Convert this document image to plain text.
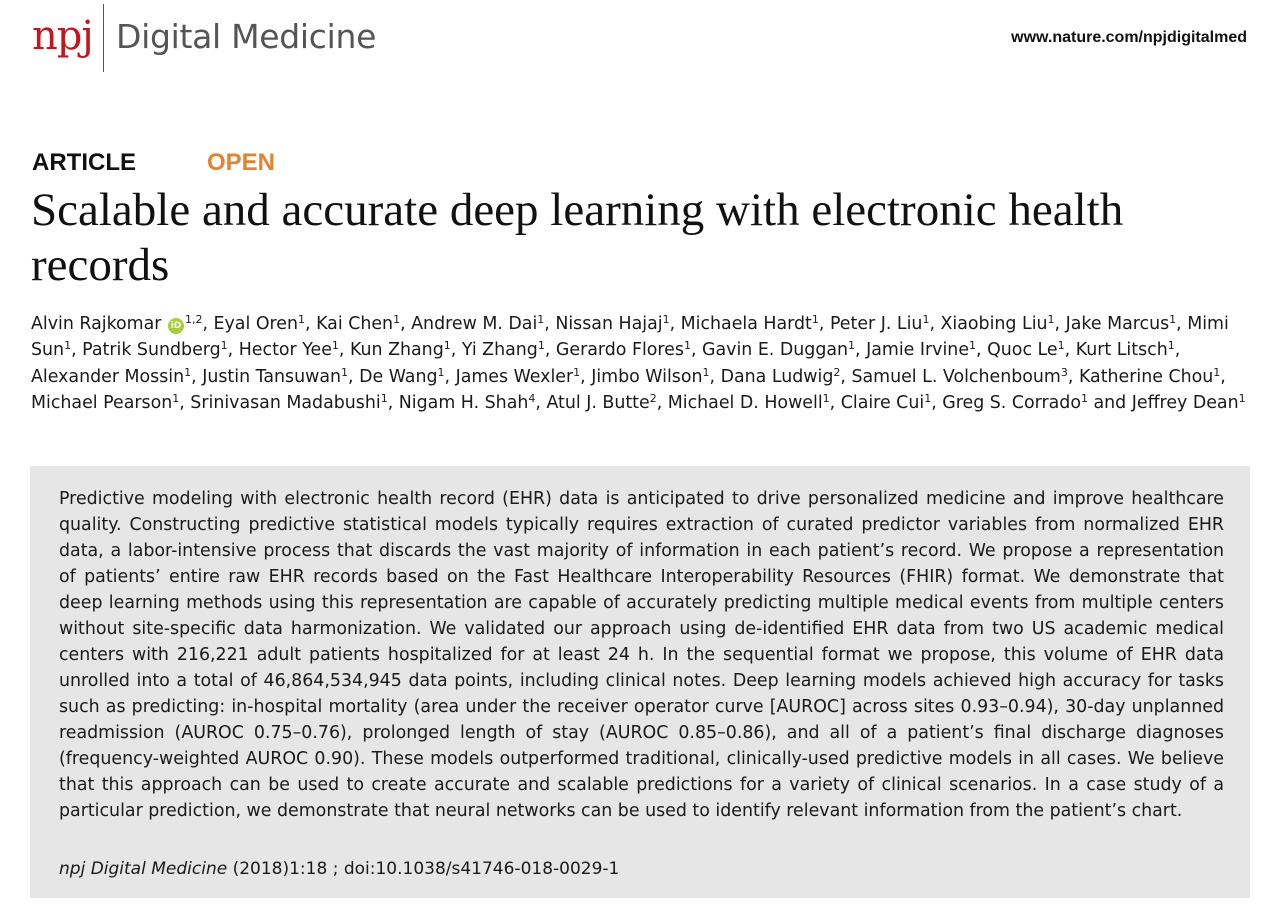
npj Digital Medicine	www.nature.com/npjdigitalmed
ARTICLE	OPEN
Scalable and accurate deep learning with electronic health records

Alvin Rajkomar iD $^{1,2}$, Eyal Oren$^1$, Kai Chen$^1$, Andrew M. Dai$^1$, Nissan Hajaj$^1$, Michaela Hardt$^1$, Peter J. Liu$^1$, Xiaobing Liu$^1$, Jake Marcus$^1$, Mimi Sun$^1$, Patrik Sundberg$^1$, Hector Yee$^1$, Kun Zhang$^1$, Yi Zhang$^1$, Gerardo Flores$^1$, Gavin E. Duggan$^1$, Jamie Irvine$^1$, Quoc Le$^1$, Kurt Litsch$^1$, Alexander Mossin$^1$, Justin Tansuwan$^1$, De Wang$^1$, James Wexler$^1$, Jimbo Wilson$^1$, Dana Ludwig$^2$, Samuel L. Volchenboum$^3$, Katherine Chou$^1$, Michael Pearson$^1$, Srinivasan Madabushi$^1$, Nigam H. Shah$^4$, Atul J. Butte$^2$, Michael D. Howell$^1$, Claire Cui$^1$, Greg S. Corrado$^1$ and Jeffrey Dean$^1$

Predictive modeling with electronic health record (EHR) data is anticipated to drive personalized medicine and improve healthcare quality. Constructing predictive statistical models typically requires extraction of curated predictor variables from normalized EHR data, a labor-intensive process that discards the vast majority of information in each patient’s record. We propose a representation of patients’ entire raw EHR records based on the Fast Healthcare Interoperability Resources (FHIR) format. We demonstrate that deep learning methods using this representation are capable of accurately predicting multiple medical events from multiple centers without site-specific data harmonization. We validated our approach using de-identified EHR data from two US academic medical centers with 216,221 adult patients hospitalized for at least 24 h. In the sequential format we propose, this volume of EHR data unrolled into a total of 46,864,534,945 data points, including clinical notes. Deep learning models achieved high accuracy for tasks such as predicting: in-hospital mortality (area under the receiver operator curve [AUROC] across sites 0.93–0.94), 30-day unplanned readmission (AUROC 0.75–0.76), prolonged length of stay (AUROC 0.85–0.86), and all of a patient’s final discharge diagnoses (frequency-weighted AUROC 0.90). These models outperformed traditional, clinically-used predictive models in all cases. We believe that this approach can be used to create accurate and scalable predictions for a variety of clinical scenarios. In a case study of a particular prediction, we demonstrate that neural networks can be used to identify relevant information from the patient’s chart.

npj Digital Medicine (2018)1:18 ; doi:10.1038/s41746-018-0029-1
